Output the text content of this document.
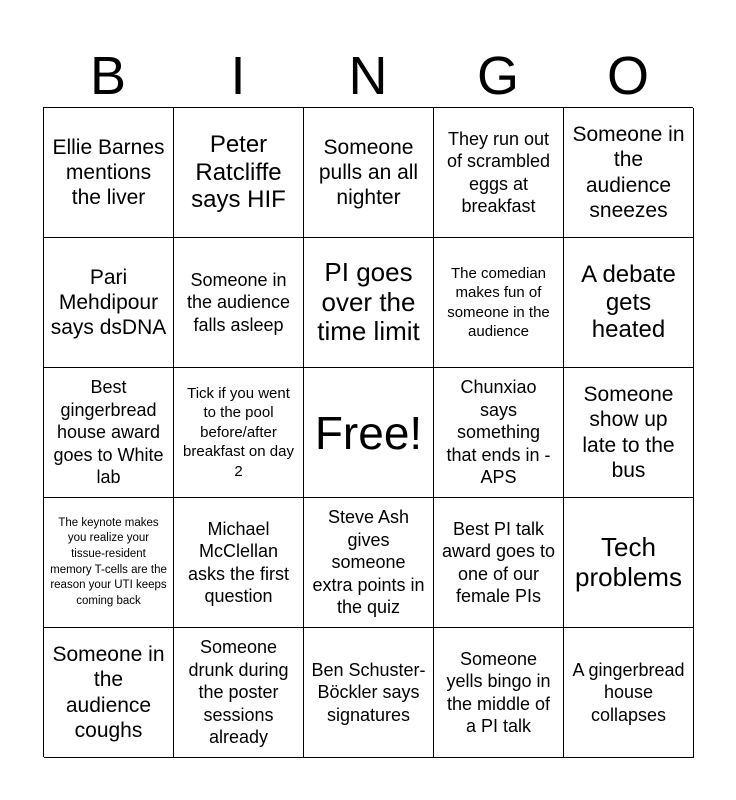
B	I	N	G	O
Ellie Barnes mentions the liver
Peter Ratcliffe says HIF
Someone pulls an all nighter
They run out of scrambled eggs at breakfast
Someone in the audience sneezes
Pari Mehdipour says dsDNA
Someone in the audience falls asleep
PI goes over the time limit
The comedian makes fun of someone in the audience
A debate gets heated
Best gingerbread house award goes to White lab
Tick if you went to the pool before/after breakfast on day 2
Free!
Chunxiao says something that ends in -APS
Someone show up late to the bus
The keynote makes you realize your tissue-resident memory T-cells are the reason your UTI keeps coming back
Michael McClellan asks the first question
Steve Ash gives someone extra points in the quiz
Best PI talk award goes to one of our female PIs
Tech problems
Someone in the audience coughs
Someone drunk during the poster sessions already
Ben Schuster-Böckler says signatures
Someone yells bingo in the middle of a PI talk
A gingerbread house collapses
